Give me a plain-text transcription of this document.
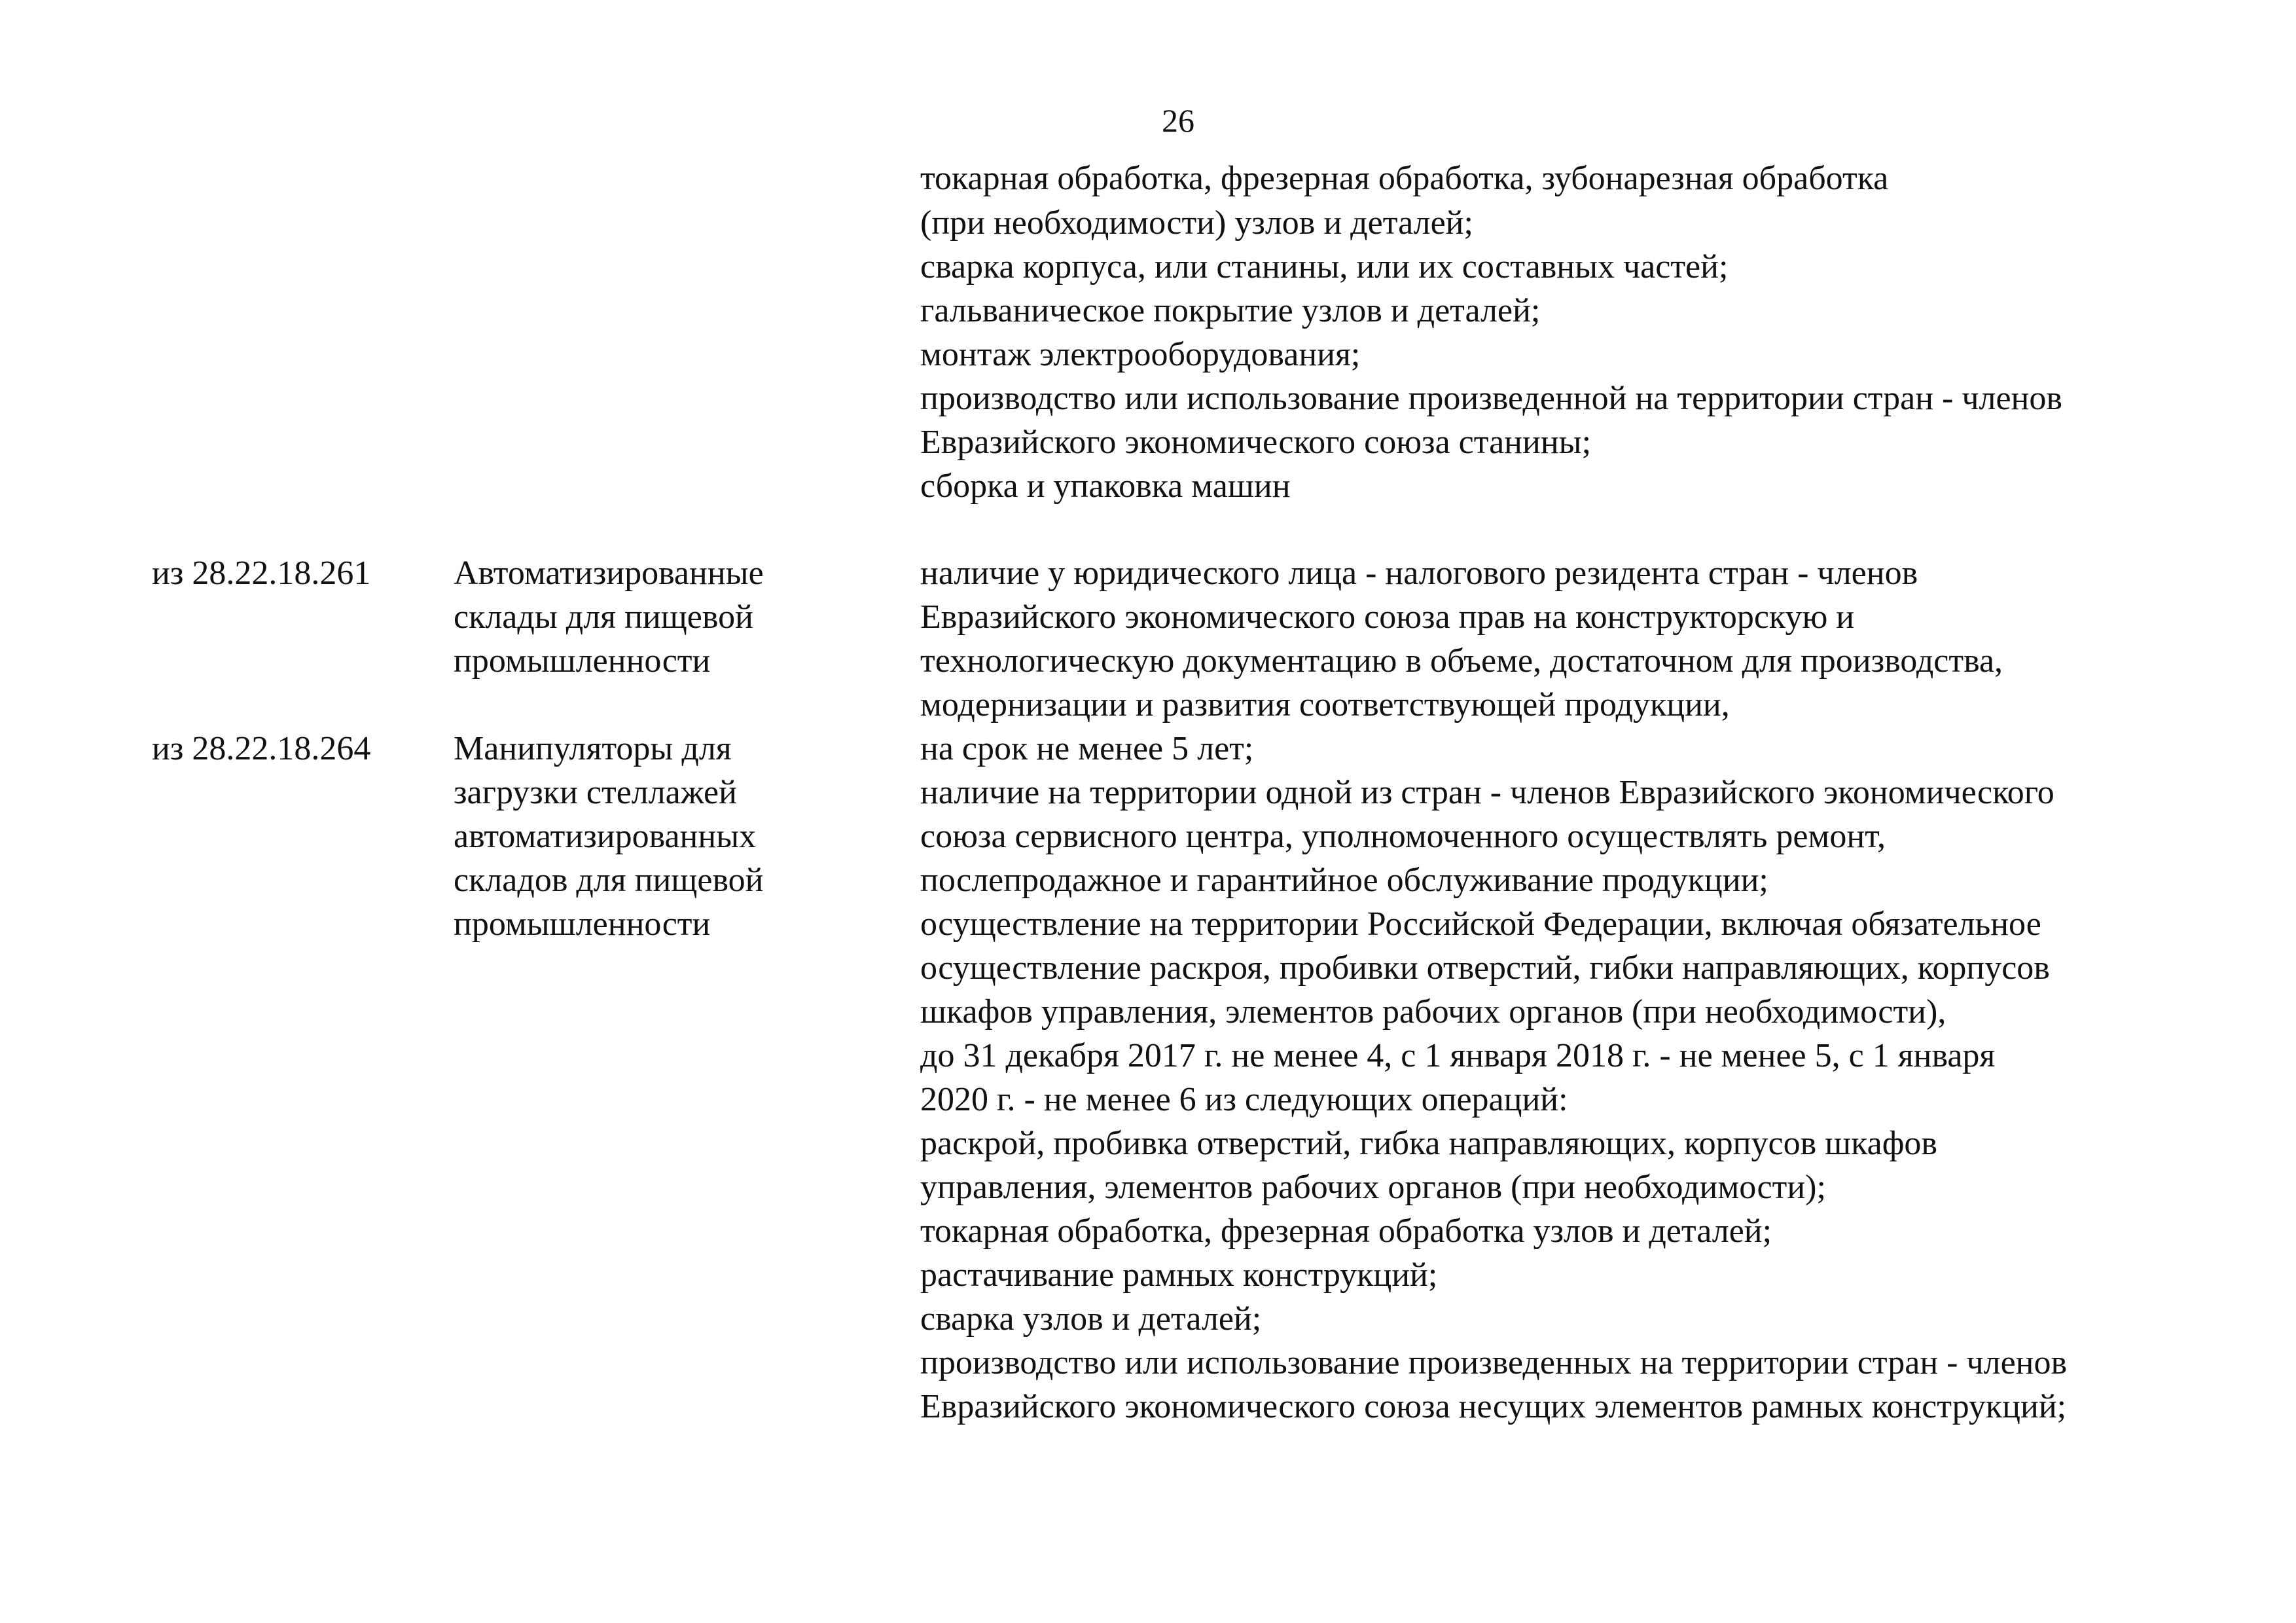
26
токарная обработка, фрезерная обработка, зубонарезная обработка
(при необходимости) узлов и деталей;
сварка корпуса, или станины, или их составных частей;
гальваническое покрытие узлов и деталей;
монтаж электрооборудования;
производство или использование произведенной на территории стран - членов
Евразийского экономического союза станины;
сборка и упаковка машин
из 28.22.18.261 Автоматизированные
склады для пищевой
промышленности
из 28.22.18.264 Манипуляторы для
загрузки стеллажей
автоматизированных
складов для пищевой
промышленности
наличие у юридического лица - налогового резидента стран - членов
Евразийского экономического союза прав на конструкторскую и
технологическую документацию в объеме, достаточном для производства,
модернизации и развития соответствующей продукции,
на срок не менее 5 лет;
наличие на территории одной из стран - членов Евразийского экономического
союза сервисного центра, уполномоченного осуществлять ремонт,
послепродажное и гарантийное обслуживание продукции;
осуществление на территории Российской Федерации, включая обязательное
осуществление раскроя, пробивки отверстий, гибки направляющих, корпусов
шкафов управления, элементов рабочих органов (при необходимости),
до 31 декабря 2017 г. не менее 4, с 1 января 2018 г. - не менее 5, с 1 января
2020 г. - не менее 6 из следующих операций:
раскрой, пробивка отверстий, гибка направляющих, корпусов шкафов
управления, элементов рабочих органов (при необходимости);
токарная обработка, фрезерная обработка узлов и деталей;
растачивание рамных конструкций;
сварка узлов и деталей;
производство или использование произведенных на территории стран - членов
Евразийского экономического союза несущих элементов рамных конструкций;
